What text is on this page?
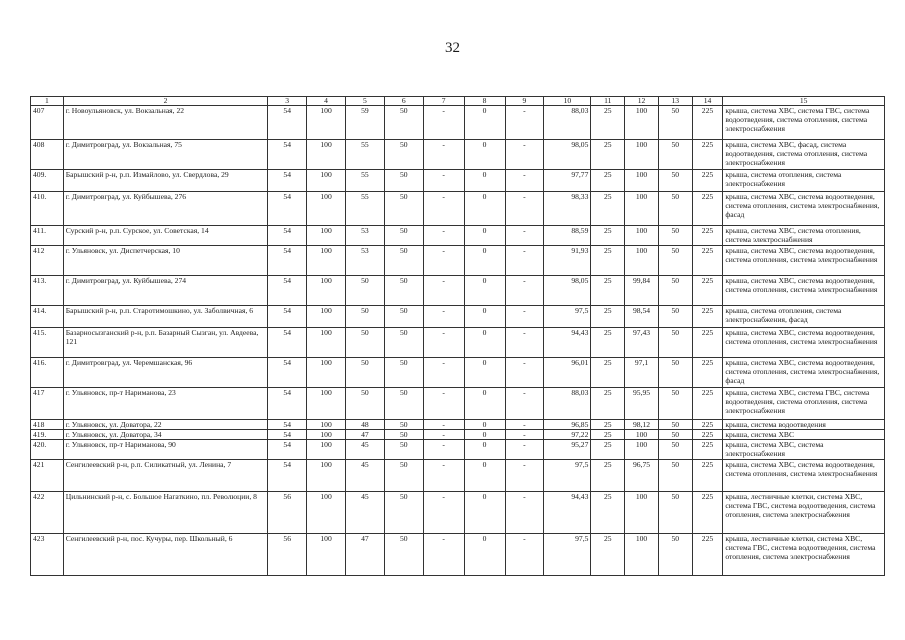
32
1	2	3	4	5	6	7	8	9	10	11	12	13	14	15
407	г. Новоульяновск, ул. Вокзальная, 22	54	100	59	50	-	0	-	88,03	25	100	50	225	крыша, система ХВС, система ГВС, система водоотведения, система отопления, система электроснабжения
408	г. Димитровград, ул. Вокзальная, 75	54	100	55	50	-	0	-	98,05	25	100	50	225	крыша, система ХВС, фасад, система водоотведения, система отопления, система электроснабжения
409.	Барышский р-н, р.п. Измайлово, ул. Свердлова, 29	54	100	55	50	-	0	-	97,77	25	100	50	225	крыша, система отопления, система электроснабжения
410.	г. Димитровград, ул. Куйбышева, 276	54	100	55	50	-	0	-	98,33	25	100	50	225	крыша, система ХВС, система водоотведения, система отопления, система электроснабжения, фасад
411.	Сурский р-н, р.п. Сурское, ул. Советская, 14	54	100	53	50	-	0	-	88,59	25	100	50	225	крыша, система ХВС, система отопления, система электроснабжения
412	г. Ульяновск, ул. Диспетчерская, 10	54	100	53	50	-	0	-	91,93	25	100	50	225	крыша, система ХВС, система водоотведения, система отопления, система электроснабжения
413.	г. Димитровград, ул. Куйбышева, 274	54	100	50	50	-	0	-	98,05	25	99,84	50	225	крыша, система ХВС, система водоотведения, система отопления, система электроснабжения
414.	Барышский р-н, р.п. Старотимошкино, ул. Заболвичная, 6	54	100	50	50	-	0	-	97,5	25	98,54	50	225	крыша, система отопления, система электроснабжения, фасад
415.	Базарносызганский р-н, р.п. Базарный Сызган, ул. Авдеева, 121	54	100	50	50	-	0	-	94,43	25	97,43	50	225	крыша, система ХВС, система водоотведения, система отопления, система электроснабжения
416.	г. Димитровград, ул. Черемшанская, 96	54	100	50	50	-	0	-	96,01	25	97,1	50	225	крыша, система ХВС, система водоотведения, система отопления, система электроснабжения, фасад
417	г. Ульяновск, пр-т Нариманова, 23	54	100	50	50	-	0	-	88,03	25	95,95	50	225	крыша, система ХВС, система ГВС, система водоотведения, система отопления, система электроснабжения
418	г. Ульяновск, ул. Доватора, 22	54	100	48	50	-	0	-	96,85	25	98,12	50	225	крыша, система водоотведения
419.	г. Ульяновск, ул. Доватора, 34	54	100	47	50	-	0	-	97,22	25	100	50	225	крыша, система ХВС
420.	г. Ульяновск, пр-т Нариманова, 90	54	100	45	50	-	0	-	95,27	25	100	50	225	крыша, система ХВС, система электроснабжения
421	Сенгилеевский р-н, р.п. Силикатный, ул. Ленина, 7	54	100	45	50	-	0	-	97,5	25	96,75	50	225	крыша, система ХВС, система водоотведения, система отопления, система электроснабжения
422	Цильнинский р-н, с. Большое Нагаткино, пл. Революции, 8	56	100	45	50	-	0	-	94,43	25	100	50	225	крыша, лестничные клетки, система ХВС, система ГВС, система водоотведения, система отопления, система электроснабжения
423	Сенгилеевский р-н, пос. Кучуры, пер. Школьный, 6	56	100	47	50	-	0	-	97,5	25	100	50	225	крыша, лестничные клетки, система ХВС, система ГВС, система водоотведения, система отопления, система электроснабжения
